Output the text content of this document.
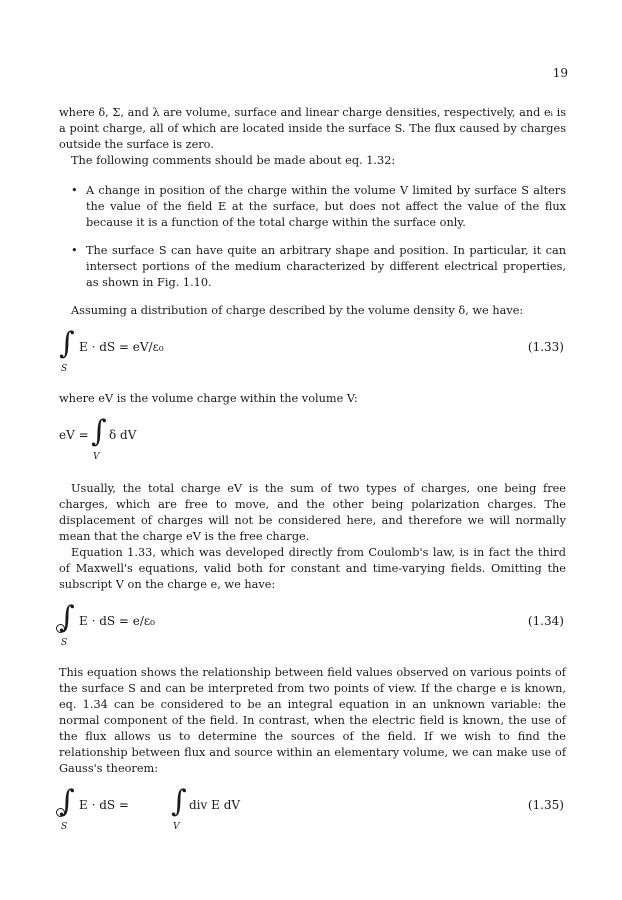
19

where δ, Σ, and λ are volume, surface and linear charge densities, respectively, and eᵢ is a point charge, all of which are located inside the surface S. The flux caused by charges outside the surface is zero.

The following comments should be made about eq. 1.32:

• A change in position of the charge within the volume V limited by surface S alters the value of the field E at the surface, but does not affect the value of the flux because it is a function of the total charge within the surface only.
• The surface S can have quite an arbitrary shape and position. In particular, it can intersect portions of the medium characterized by different electrical properties, as shown in Fig. 1.10.

Assuming a distribution of charge described by the volume density δ, we have:

∫
S
E · dS = eV/ε₀	(1.33)

where eV is the volume charge within the volume V:

eV = ∫
V
δ dV

Usually, the total charge eV is the sum of two types of charges, one being free charges, which are free to move, and the other being polarization charges. The displacement of charges will not be considered here, and therefore we will normally mean that the charge eV is the free charge.

Equation 1.33, which was developed directly from Coulomb's law, is in fact the third of Maxwell's equations, valid both for constant and time-varying fields. Omitting the subscript V on the charge e, we have:

∫
S
E · dS = e/ε₀	(1.34)

This equation shows the relationship between field values observed on various points of the surface S and can be interpreted from two points of view. If the charge e is known, eq. 1.34 can be considered to be an integral equation in an unknown variable: the normal component of the field. In contrast, when the electric field is known, the use of the flux allows us to determine the sources of the field. If we wish to find the relationship between flux and source within an elementary volume, we can make use of Gauss's theorem:

∫
S
E · dS = ∫
V
div E dV	(1.35)
